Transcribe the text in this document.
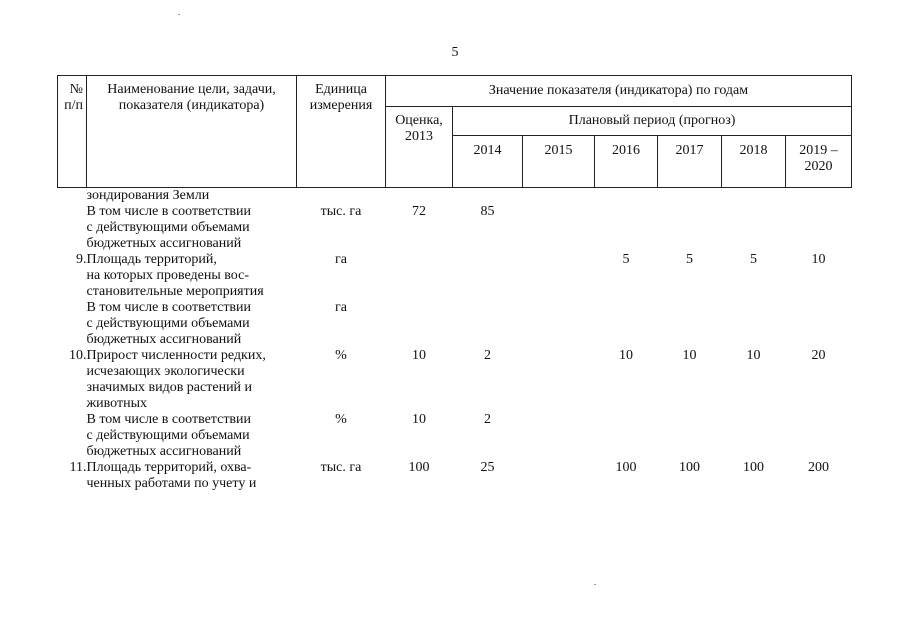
5
№ п/п	Наименование цели, задачи, показателя (индикатора)	Единица измерения	Значение показателя (индикатора) по годам						
			Оценка, 2013	Плановый период (прогноз)					
				2014	2015	2016	2017	2018	2019 – 2020

	зондирования Земли								

	В том числе в соответствии
с действующими объемами
бюджетных ассигнований	тыс. га	72	85					
9.	Площадь территорий,
на которых проведены вос-
становительные мероприятия	га				5	5	5	10

	В том числе в соответствии
с действующими объемами
бюджетных ассигнований	га							
10.	Прирост численности редких,
исчезающих экологически
значимых видов растений и
животных	%	10	2		10	10	10	20

	В том числе в соответствии
с действующими объемами
бюджетных ассигнований	%	10	2					
11.	Площадь территорий, охва-
ченных работами по учету и	тыс. га	100	25		100	100	100	200
